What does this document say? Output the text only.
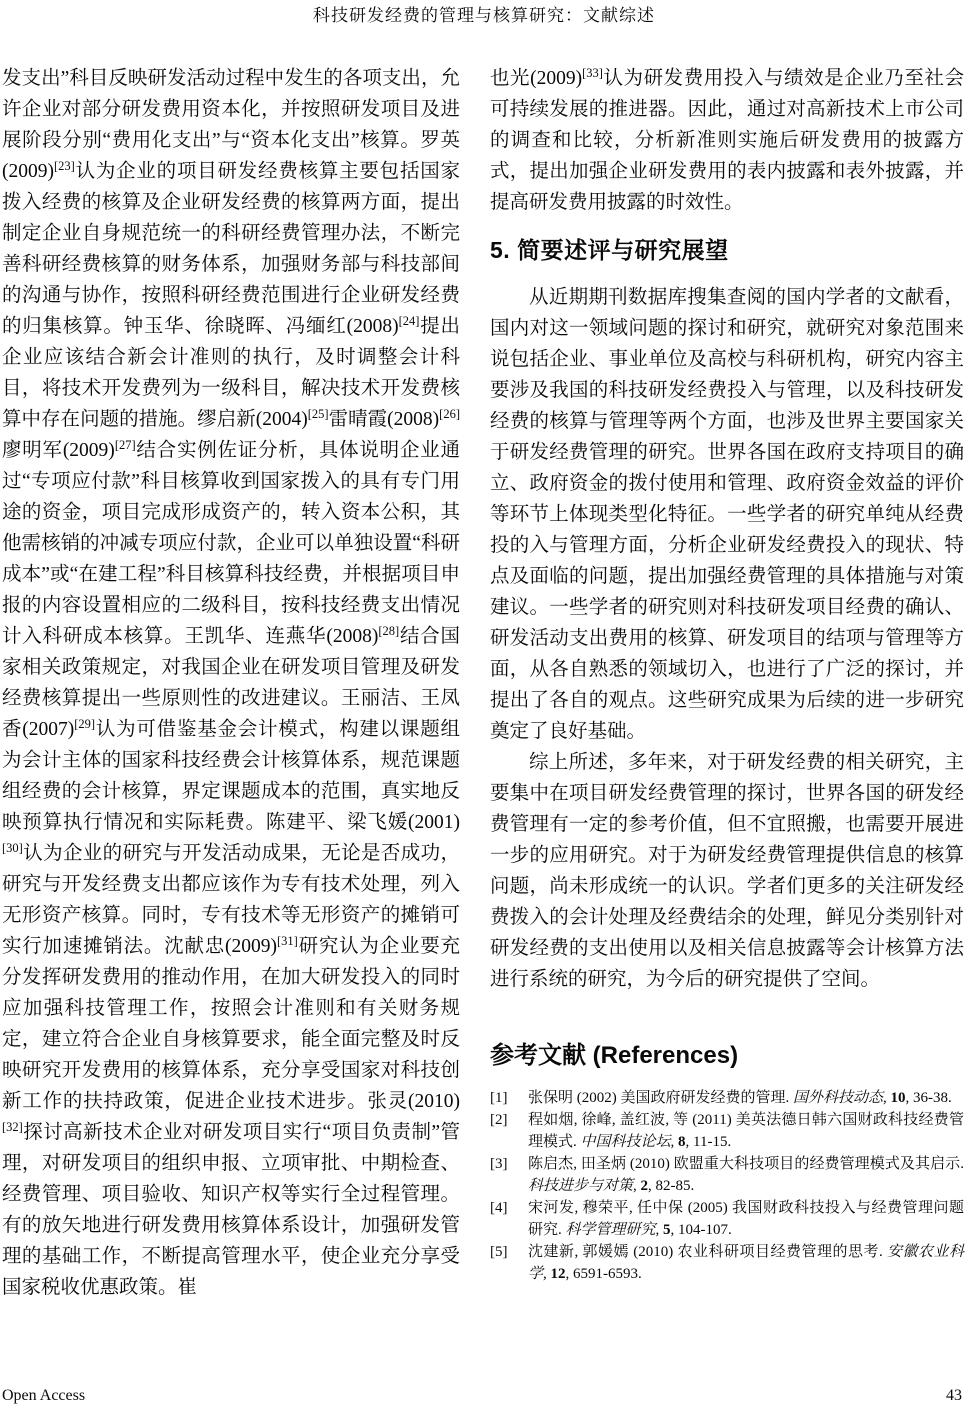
科技研发经费的管理与核算研究：文献综述

发支出”科目反映研发活动过程中发生的各项支出，允许企业对部分研发费用资本化，并按照研发项目及进展阶段分别“费用化支出”与“资本化支出”核算。罗英(2009)[23]认为企业的项目研发经费核算主要包括国家拨入经费的核算及企业研发经费的核算两方面，提出制定企业自身规范统一的科研经费管理办法，不断完善科研经费核算的财务体系，加强财务部与科技部间的沟通与协作，按照科研经费范围进行企业研发经费的归集核算。钟玉华、徐晓晖、冯缅红(2008)[24]提出企业应该结合新会计准则的执行，及时调整会计科目，将技术开发费列为一级科目，解决技术开发费核算中存在问题的措施。缪启新(2004)[25]雷晴霞(2008)[26]廖明军(2009)[27]结合实例佐证分析，具体说明企业通过“专项应付款”科目核算收到国家拨入的具有专门用途的资金，项目完成形成资产的，转入资本公积，其他需核销的冲减专项应付款，企业可以单独设置“科研成本”或“在建工程”科目核算科技经费，并根据项目申报的内容设置相应的二级科目，按科技经费支出情况计入科研成本核算。王凯华、连燕华(2008)[28]结合国家相关政策规定，对我国企业在研发项目管理及研发经费核算提出一些原则性的改进建议。王丽洁、王凤香(2007)[29]认为可借鉴基金会计模式，构建以课题组为会计主体的国家科技经费会计核算体系，规范课题组经费的会计核算，界定课题成本的范围，真实地反映预算执行情况和实际耗费。陈建平、梁飞媛(2001)[30]认为企业的研究与开发活动成果，无论是否成功，研究与开发经费支出都应该作为专有技术处理，列入无形资产核算。同时，专有技术等无形资产的摊销可实行加速摊销法。沈献忠(2009)[31]研究认为企业要充分发挥研发费用的推动作用，在加大研发投入的同时应加强科技管理工作，按照会计准则和有关财务规定，建立符合企业自身核算要求，能全面完整及时反映研究开发费用的核算体系，充分享受国家对科技创新工作的扶持政策，促进企业技术进步。张灵(2010)[32]探讨高新技术企业对研发项目实行“项目负责制”管理，对研发项目的组织申报、立项审批、中期检查、经费管理、项目验收、知识产权等实行全过程管理。有的放矢地进行研发费用核算体系设计，加强研发管理的基础工作，不断提高管理水平，使企业充分享受国家税收优惠政策。崔

也光(2009)[33]认为研发费用投入与绩效是企业乃至社会可持续发展的推进器。因此，通过对高新技术上市公司的调查和比较，分析新准则实施后研发费用的披露方式，提出加强企业研发费用的表内披露和表外披露，并提高研发费用披露的时效性。

5. 简要述评与研究展望

从近期期刊数据库搜集查阅的国内学者的文献看，国内对这一领域问题的探讨和研究，就研究对象范围来说包括企业、事业单位及高校与科研机构，研究内容主要涉及我国的科技研发经费投入与管理，以及科技研发经费的核算与管理等两个方面，也涉及世界主要国家关于研发经费管理的研究。世界各国在政府支持项目的确立、政府资金的拨付使用和管理、政府资金效益的评价等环节上体现类型化特征。一些学者的研究单纯从经费投的入与管理方面，分析企业研发经费投入的现状、特点及面临的问题，提出加强经费管理的具体措施与对策建议。一些学者的研究则对科技研发项目经费的确认、研发活动支出费用的核算、研发项目的结项与管理等方面，从各自熟悉的领域切入，也进行了广泛的探讨，并提出了各自的观点。这些研究成果为后续的进一步研究奠定了良好基础。

综上所述，多年来，对于研发经费的相关研究，主要集中在项目研发经费管理的探讨，世界各国的研发经费管理有一定的参考价值，但不宜照搬，也需要开展进一步的应用研究。对于为研发经费管理提供信息的核算问题，尚未形成统一的认识。学者们更多的关注研发经费拨入的会计处理及经费结余的处理，鲜见分类别针对研发经费的支出使用以及相关信息披露等会计核算方法进行系统的研究，为今后的研究提供了空间。

参考文献 (References)
[1]	张保明 (2002) 美国政府研发经费的管理. 国外科技动态, 10, 36-38.
[2]	程如烟, 徐峰, 盖红波, 等 (2011) 美英法德日韩六国财政科技经费管理模式. 中国科技论坛, 8, 11-15.
[3]	陈启杰, 田圣炳 (2010) 欧盟重大科技项目的经费管理模式及其启示. 科技进步与对策, 2, 82-85.
[4]	宋河发, 穆荣平, 任中保 (2005) 我国财政科技投入与经费管理问题研究. 科学管理研究, 5, 104-107.
[5]	沈建新, 郭媛嫣 (2010) 农业科研项目经费管理的思考. 安徽农业科学, 12, 6591-6593.
Open Access	43
